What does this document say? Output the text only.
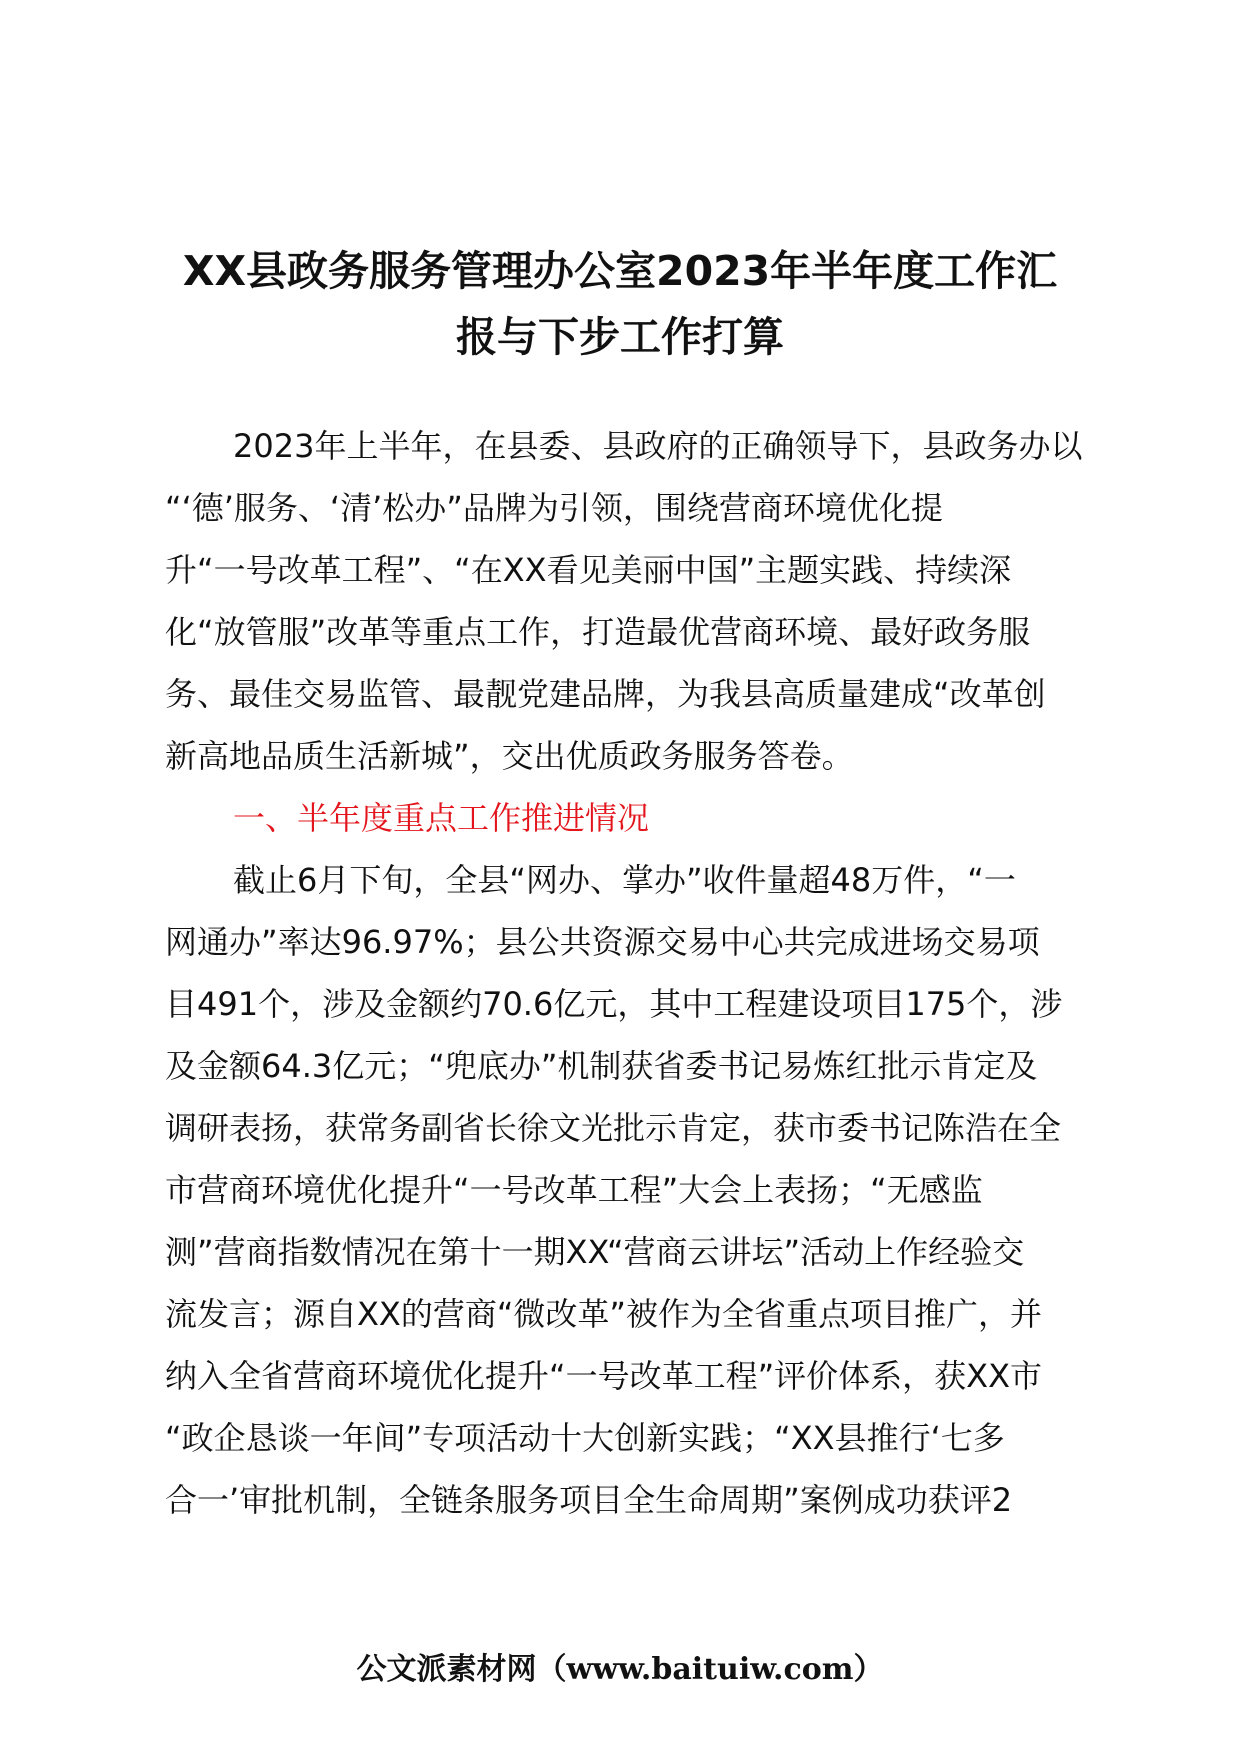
XX县政务服务管理办公室2023年半年度工作汇
报与下步工作打算
2023年上半年，在县委、县政府的正确领导下，县政务办以
“‘德’服务、‘清’松办”品牌为引领，围绕营商环境优化提
升“一号改革工程”、“在XX看见美丽中国”主题实践、持续深
化“放管服”改革等重点工作，打造最优营商环境、最好政务服
务、最佳交易监管、最靓党建品牌，为我县高质量建成“改革创
新高地品质生活新城”，交出优质政务服务答卷。
一、半年度重点工作推进情况
截止6月下旬，全县“网办、掌办”收件量超48万件，“一
网通办”率达96.97%；县公共资源交易中心共完成进场交易项
目491个，涉及金额约70.6亿元，其中工程建设项目175个，涉
及金额64.3亿元；“兜底办”机制获省委书记易炼红批示肯定及
调研表扬，获常务副省长徐文光批示肯定，获市委书记陈浩在全
市营商环境优化提升“一号改革工程”大会上表扬；“无感监
测”营商指数情况在第十一期XX“营商云讲坛”活动上作经验交
流发言；源自XX的营商“微改革”被作为全省重点项目推广，并
纳入全省营商环境优化提升“一号改革工程”评价体系，获XX市
“政企恳谈一年间”专项活动十大创新实践；“XX县推行‘七多
合一’审批机制，全链条服务项目全生命周期”案例成功获评2
公文派素材网（www.baituiw.com）
